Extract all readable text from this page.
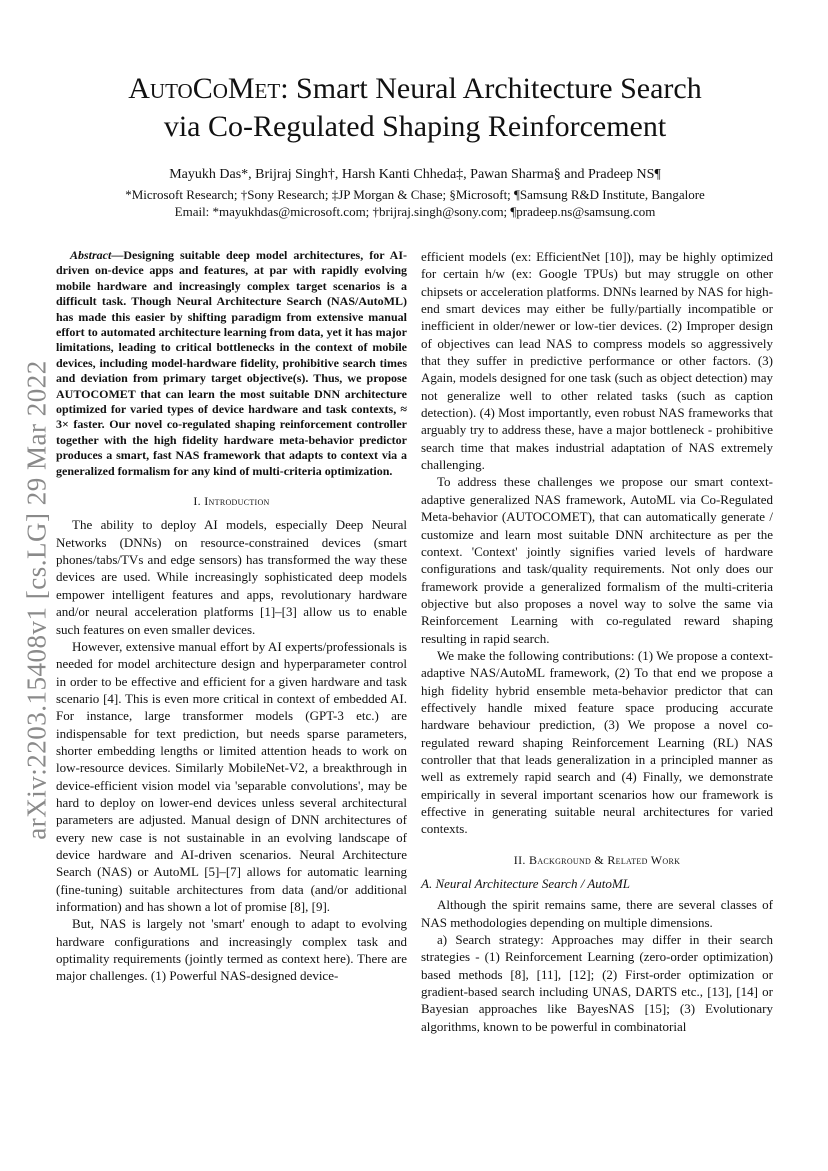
arXiv:2203.15408v1 [cs.LG] 29 Mar 2022
AutoCoMet: Smart Neural Architecture Search
via Co-Regulated Shaping Reinforcement
Mayukh Das*, Brijraj Singh†, Harsh Kanti Chheda‡, Pawan Sharma§ and Pradeep NS¶
*Microsoft Research; †Sony Research; ‡JP Morgan & Chase; §Microsoft; ¶Samsung R&D Institute, Bangalore
Email: *mayukhdas@microsoft.com; †brijraj.singh@sony.com; ¶pradeep.ns@samsung.com

Abstract—Designing suitable deep model architectures, for AI-driven on-device apps and features, at par with rapidly evolving mobile hardware and increasingly complex target scenarios is a difficult task. Though Neural Architecture Search (NAS/AutoML) has made this easier by shifting paradigm from extensive manual effort to automated architecture learning from data, yet it has major limitations, leading to critical bottlenecks in the context of mobile devices, including model-hardware fidelity, prohibitive search times and deviation from primary target objective(s). Thus, we propose AUTOCOMET that can learn the most suitable DNN architecture optimized for varied types of device hardware and task contexts, ≈ 3× faster. Our novel co-regulated shaping reinforcement controller together with the high fidelity hardware meta-behavior predictor produces a smart, fast NAS framework that adapts to context via a generalized formalism for any kind of multi-criteria optimization.

I. Introduction

The ability to deploy AI models, especially Deep Neural Networks (DNNs) on resource-constrained devices (smart phones/tabs/TVs and edge sensors) has transformed the way these devices are used. While increasingly sophisticated deep models empower intelligent features and apps, revolutionary hardware and/or neural acceleration platforms [1]–[3] allow us to enable such features on even smaller devices.

However, extensive manual effort by AI experts/professionals is needed for model architecture design and hyperparameter control in order to be effective and efficient for a given hardware and task scenario [4]. This is even more critical in context of embedded AI. For instance, large transformer models (GPT-3 etc.) are indispensable for text prediction, but needs sparse parameters, shorter embedding lengths or limited attention heads to work on low-resource devices. Similarly MobileNet-V2, a breakthrough in device-efficient vision model via 'separable convolutions', may be hard to deploy on lower-end devices unless several architectural parameters are adjusted. Manual design of DNN architectures of every new case is not sustainable in an evolving landscape of device hardware and AI-driven scenarios. Neural Architecture Search (NAS) or AutoML [5]–[7] allows for automatic learning (fine-tuning) suitable architectures from data (and/or additional information) and has shown a lot of promise [8], [9].

But, NAS is largely not 'smart' enough to adapt to evolving hardware configurations and increasingly complex task and optimality requirements (jointly termed as context here). There are major challenges. (1) Powerful NAS-designed device-

efficient models (ex: EfficientNet [10]), may be highly optimized for certain h/w (ex: Google TPUs) but may struggle on other chipsets or acceleration platforms. DNNs learned by NAS for high-end smart devices may either be fully/partially incompatible or inefficient in older/newer or low-tier devices. (2) Improper design of objectives can lead NAS to compress models so aggressively that they suffer in predictive performance or other factors. (3) Again, models designed for one task (such as object detection) may not generalize well to other related tasks (such as caption detection). (4) Most importantly, even robust NAS frameworks that arguably try to address these, have a major bottleneck - prohibitive search time that makes industrial adaptation of NAS extremely challenging.

To address these challenges we propose our smart context-adaptive generalized NAS framework, AutoML via Co-Regulated Meta-behavior (AUTOCOMET), that can automatically generate / customize and learn most suitable DNN architecture as per the context. 'Context' jointly signifies varied levels of hardware configurations and task/quality requirements. Not only does our framework provide a generalized formalism of the multi-criteria objective but also proposes a novel way to solve the same via Reinforcement Learning with co-regulated reward shaping resulting in rapid search.

We make the following contributions: (1) We propose a context-adaptive NAS/AutoML framework, (2) To that end we propose a high fidelity hybrid ensemble meta-behavior predictor that can effectively handle mixed feature space producing accurate hardware behaviour prediction, (3) We propose a novel co-regulated reward shaping Reinforcement Learning (RL) NAS controller that that leads generalization in a principled manner as well as extremely rapid search and (4) Finally, we demonstrate empirically in several important scenarios how our framework is effective in generating suitable neural architectures for varied contexts.

II. Background & Related Work
A. Neural Architecture Search / AutoML

Although the spirit remains same, there are several classes of NAS methodologies depending on multiple dimensions.

a) Search strategy: Approaches may differ in their search strategies - (1) Reinforcement Learning (zero-order optimization) based methods [8], [11], [12]; (2) First-order optimization or gradient-based search including UNAS, DARTS etc., [13], [14] or Bayesian approaches like BayesNAS [15]; (3) Evolutionary algorithms, known to be powerful in combinatorial
